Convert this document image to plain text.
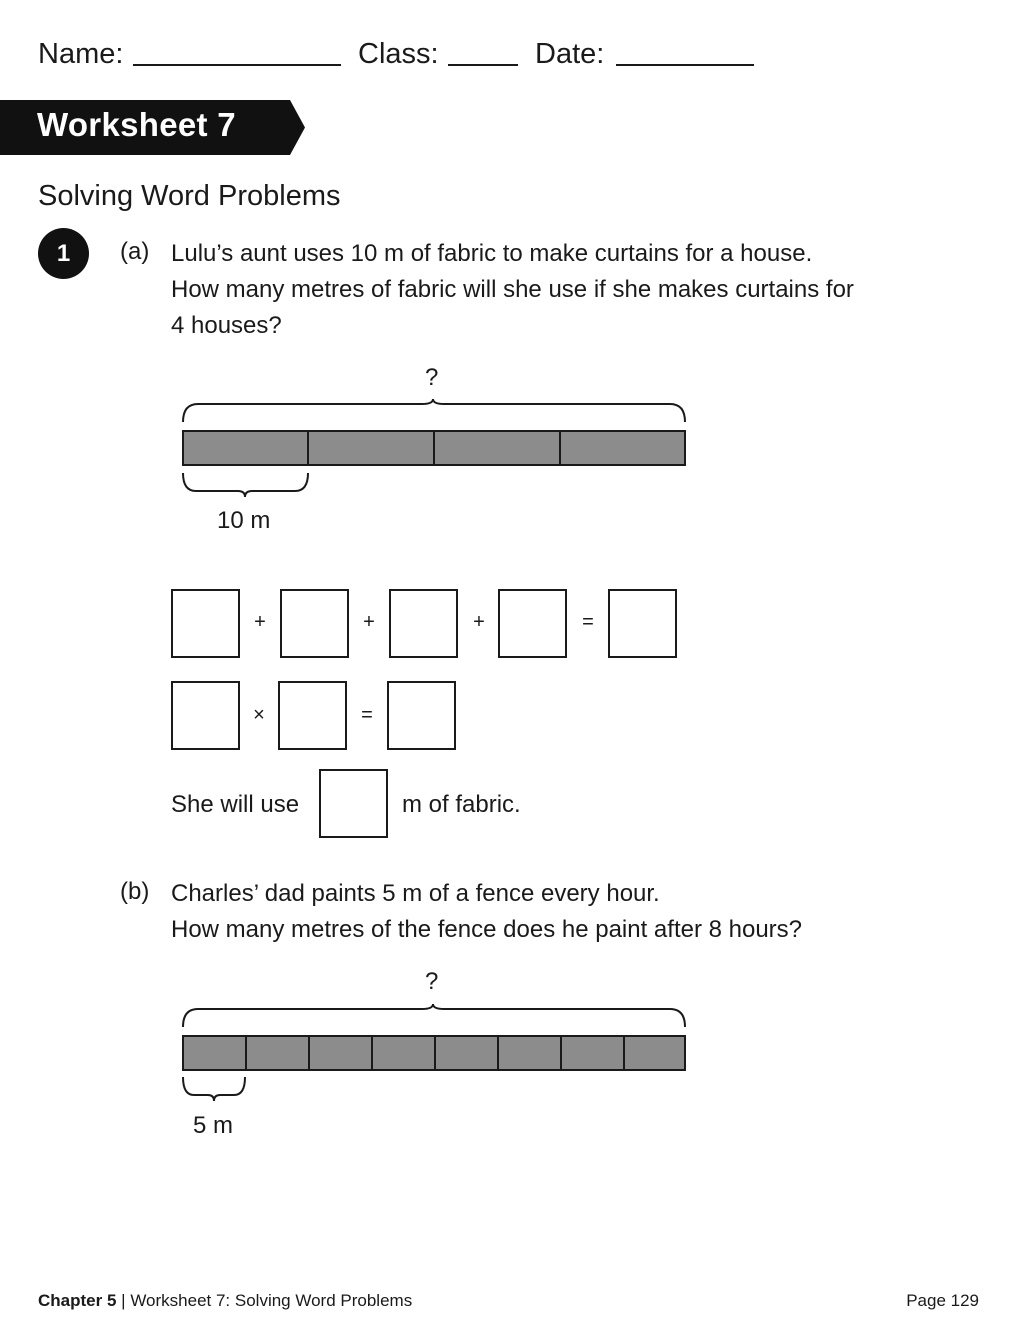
Name:	Class:	Date:
Worksheet 7
Solving Word Problems
1	(a) Lulu’s aunt uses 10 m of fabric to make curtains for a house.
How many metres of fabric will she use if she makes curtains for
4 houses?
?
10 m
+	+	+	=
×	=
She will use	m of fabric.
(b) Charles’ dad paints 5 m of a fence every hour.
How many metres of the fence does he paint after 8 hours?
?
5 m
Chapter 5 | Worksheet 7: Solving Word Problems	Page 129
